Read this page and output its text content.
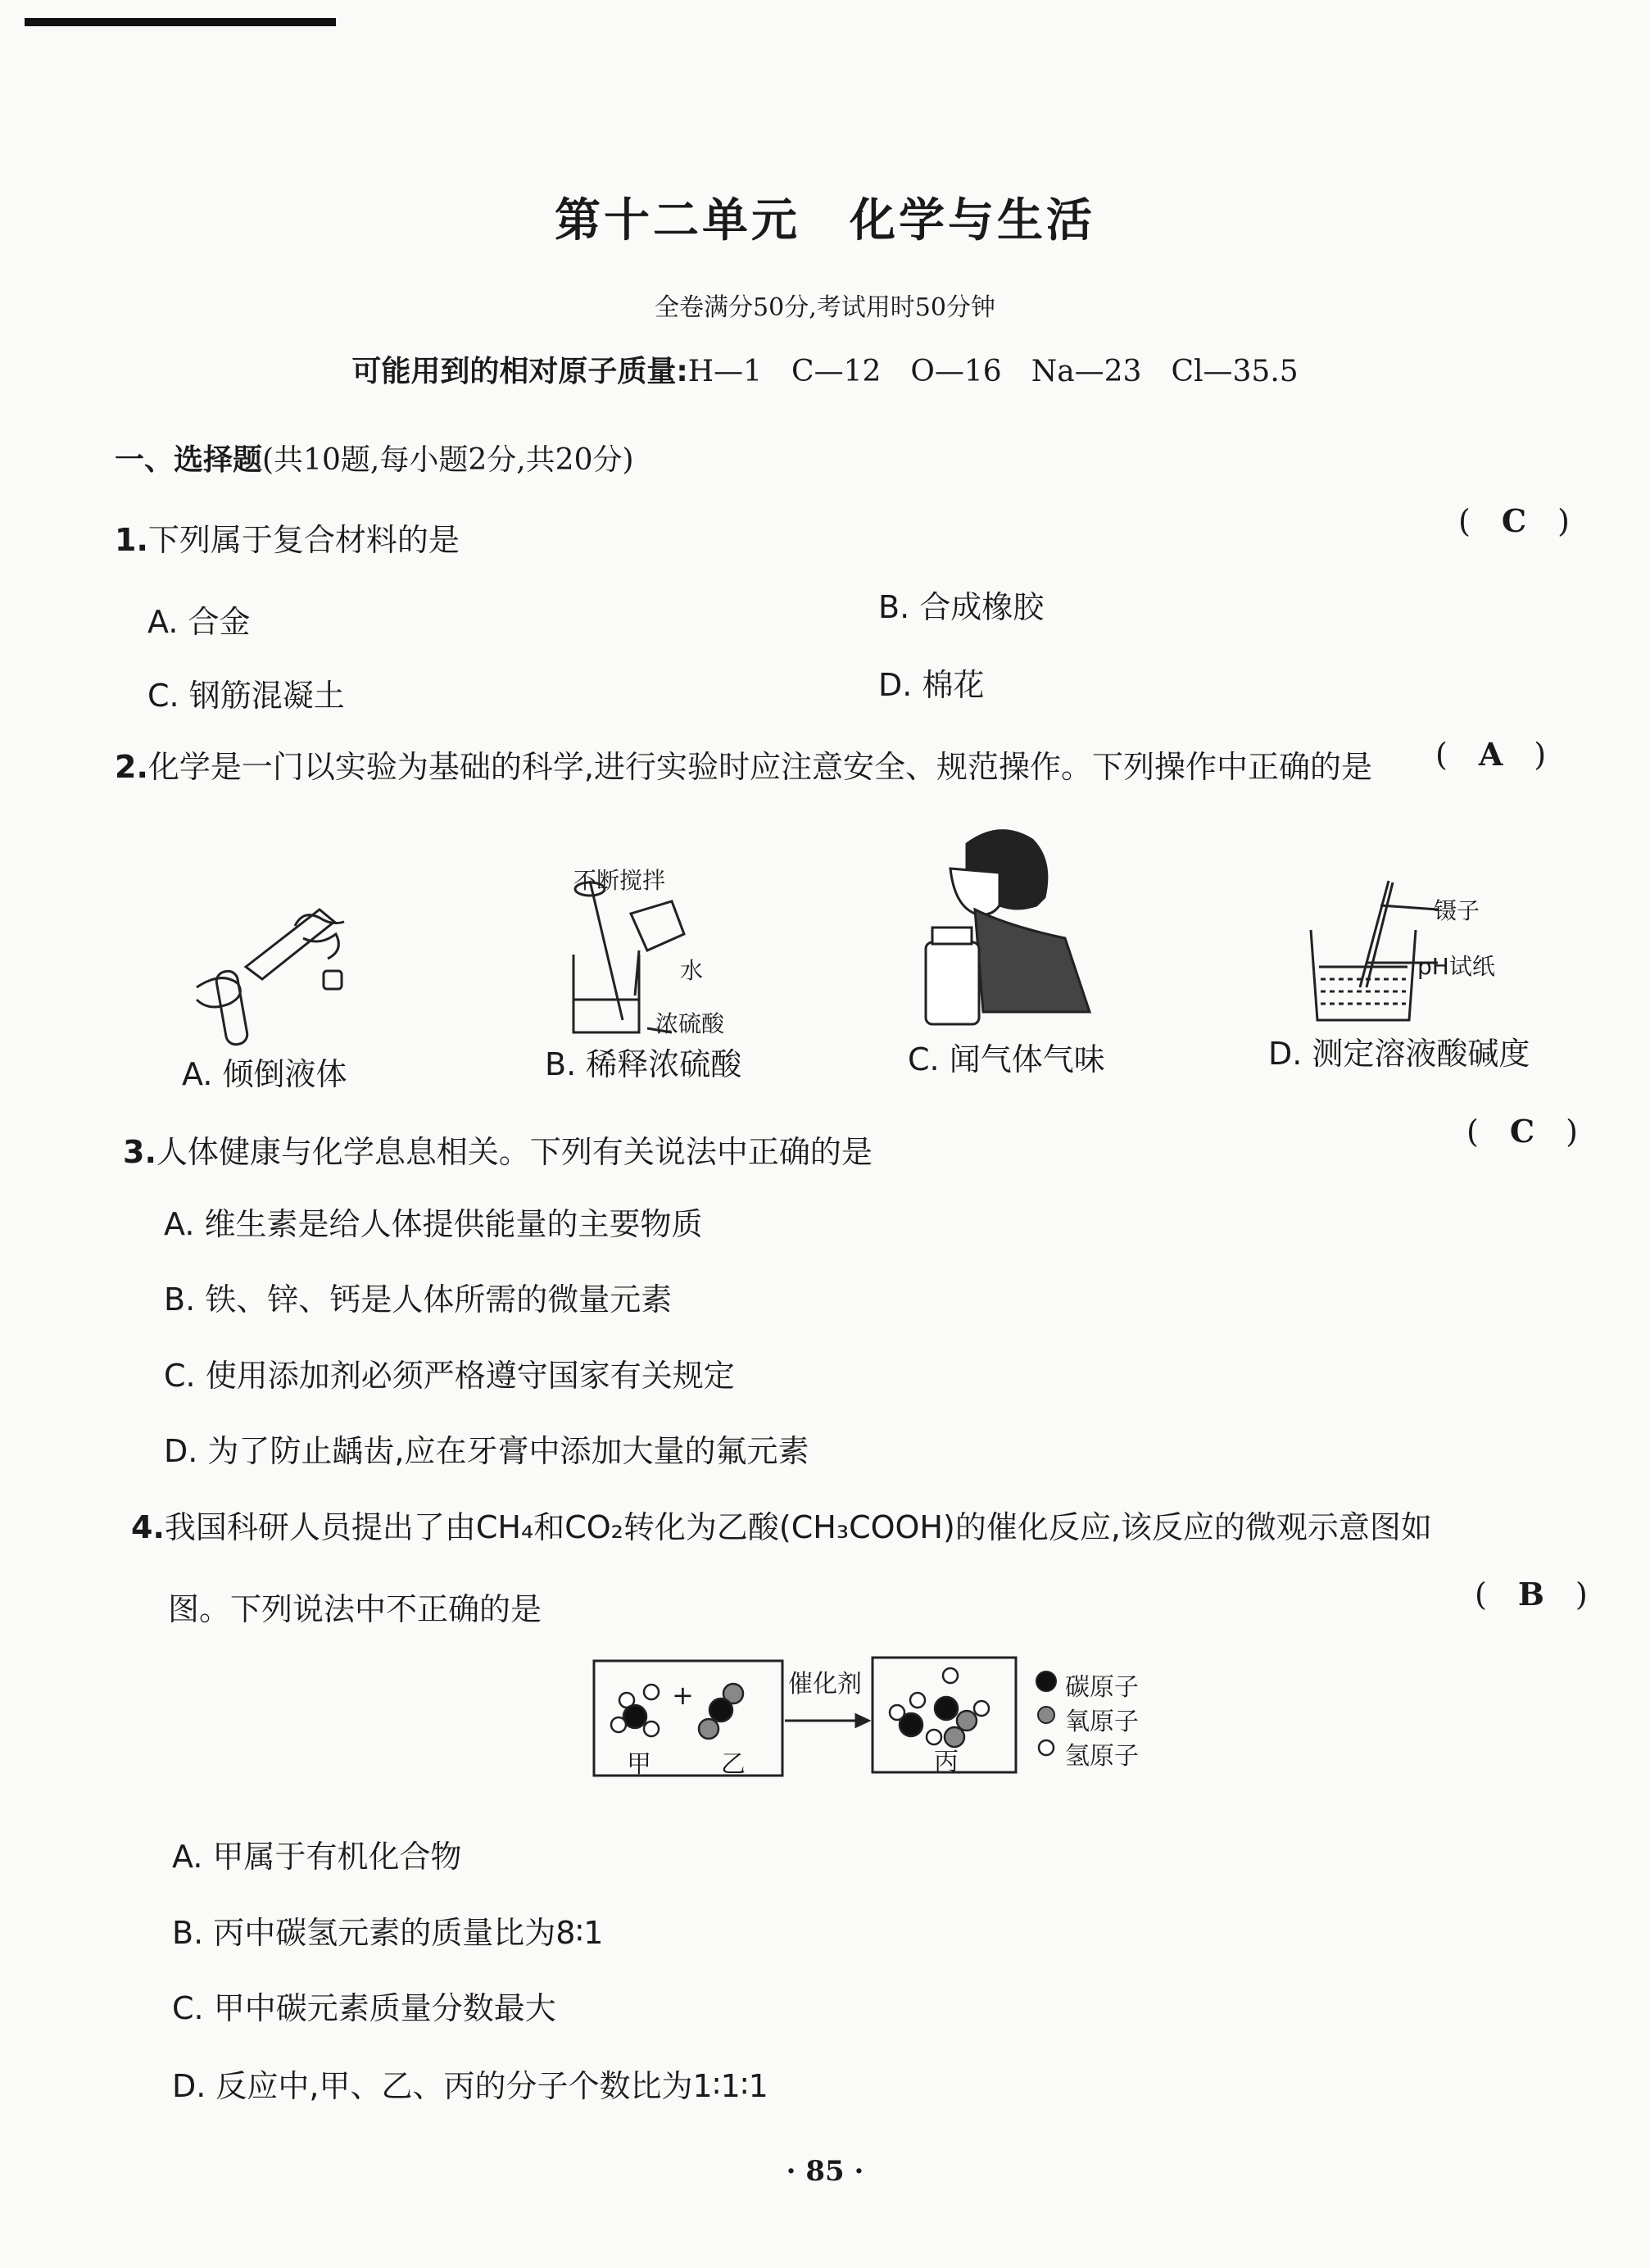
第十二单元　化学与生活
全卷满分50分,考试用时50分钟
可能用到的相对原子质量:H—1　C—12　O—16　Na—23　Cl—35.5
一、选择题(共10题,每小题2分,共20分)
1.下列属于复合材料的是
(　C　)
A. 合金	B. 合成橡胶
C. 钢筋混凝土	D. 棉花
2.化学是一门以实验为基础的科学,进行实验时应注意安全、规范操作。下列操作中正确的是 (　A　)
A. 倾倒液体
不断搅拌
水
浓硫酸
B. 稀释浓硫酸	C. 闻气体气味
镊子
pH试纸
D. 测定溶液酸碱度
3.人体健康与化学息息相关。下列有关说法中正确的是
(　C　)
A. 维生素是给人体提供能量的主要物质
B. 铁、锌、钙是人体所需的微量元素
C. 使用添加剂必须严格遵守国家有关规定
D. 为了防止龋齿,应在牙膏中添加大量的氟元素
4.我国科研人员提出了由CH₄和CO₂转化为乙酸(CH₃COOH)的催化反应,该反应的微观示意图如
图。下列说法中不正确的是	(　B　)
+	催化剂
甲	乙	丙
碳原子
氧原子
氢原子
A. 甲属于有机化合物
B. 丙中碳氢元素的质量比为8∶1
C. 甲中碳元素质量分数最大
D. 反应中,甲、乙、丙的分子个数比为1∶1∶1
· 85 ·
